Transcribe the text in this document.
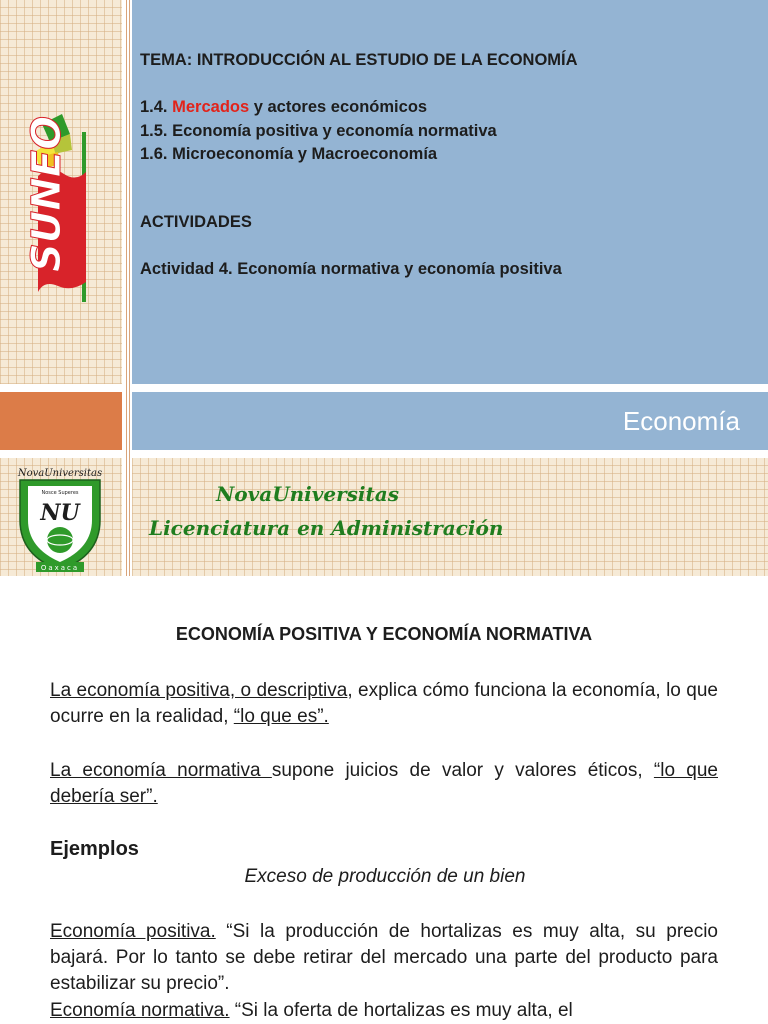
SUNEO
TEMA: INTRODUCCIÓN AL ESTUDIO DE LA ECONOMÍA
1.4. Mercados y actores económicos
1.5. Economía positiva y economía normativa
1.6. Microeconomía y Macroeconomía
ACTIVIDADES
Actividad 4. Economía normativa y economía positiva
Economía
NU
NovaUniversitas
Nosce Superes
Oaxaca
NovaUniversitas
Licenciatura en Administración
ECONOMÍA POSITIVA Y ECONOMÍA NORMATIVA
La economía positiva, o descriptiva, explica cómo funciona la economía, lo que ocurre en la realidad, “lo que es”.
La economía normativa supone juicios de valor y valores éticos, “lo que debería ser”.
Ejemplos
Exceso de producción de un bien
Economía positiva. “Si la producción de hortalizas es muy alta, su precio bajará. Por lo tanto se debe retirar del mercado una parte del producto para estabilizar su precio”.
Economía normativa. “Si la oferta de hortalizas es muy alta, el
